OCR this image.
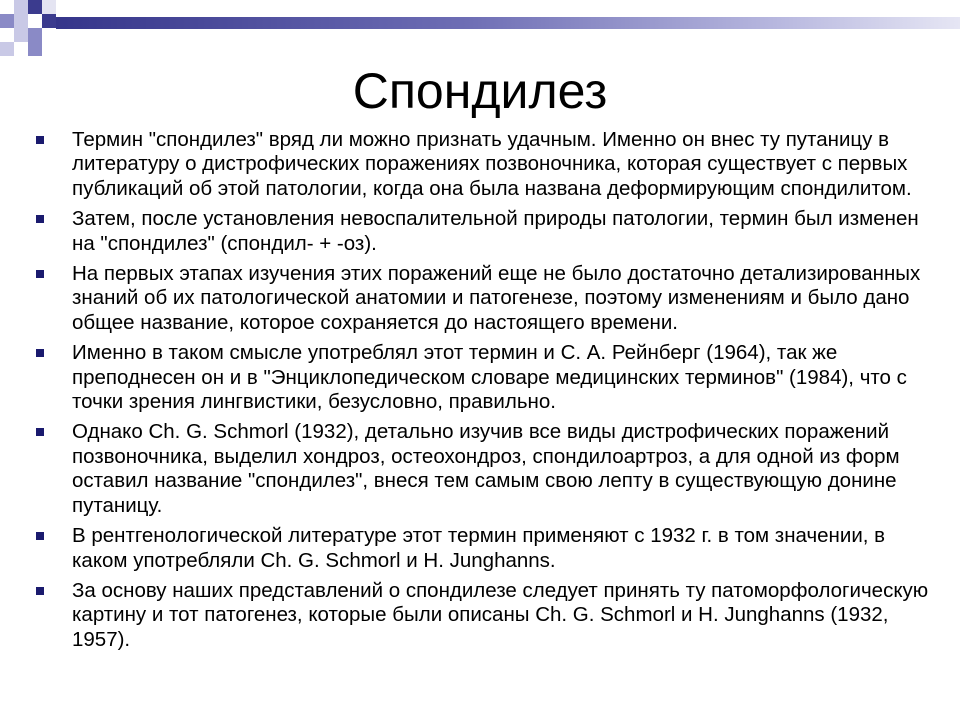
Спондилез
Термин "спондилез" вряд ли можно признать удачным. Именно он внес ту путаницу в литературу о дистрофических поражениях позвоночника, которая существует с первых публикаций об этой патологии, когда она была названа деформирующим спондилитом.
Затем, после установления невоспалительной природы патологии, термин был изменен на "спондилез" (спондил- + -оз).
На первых этапах изучения этих поражений еще не было достаточно детализированных знаний об их патологической анатомии и патогенезе, поэтому изменениям и было дано общее название, которое сохраняется до настоящего времени.
Именно в таком смысле употреблял этот термин и С. А. Рейнберг (1964), так же преподнесен он и в "Энциклопедическом словаре медицинских терминов" (1984), что с точки зрения лингвистики, безусловно, правильно.
Однако Ch. G. Schmorl (1932), детально изучив все виды дистрофических поражений позвоночника, выделил хондроз, остеохондроз, спондилоартроз, а для одной из форм оставил название "спондилез", внеся тем самым свою лепту в существующую донине путаницу.
В рентгенологической литературе этот термин применяют с 1932 г. в том значении, в каком употребляли Ch. G. Schmorl и H. Junghanns.
За основу наших представлений о спондилезе следует принять ту патоморфологическую картину и тот патогенез, которые были описаны Ch. G. Schmorl и H. Junghanns (1932, 1957).
